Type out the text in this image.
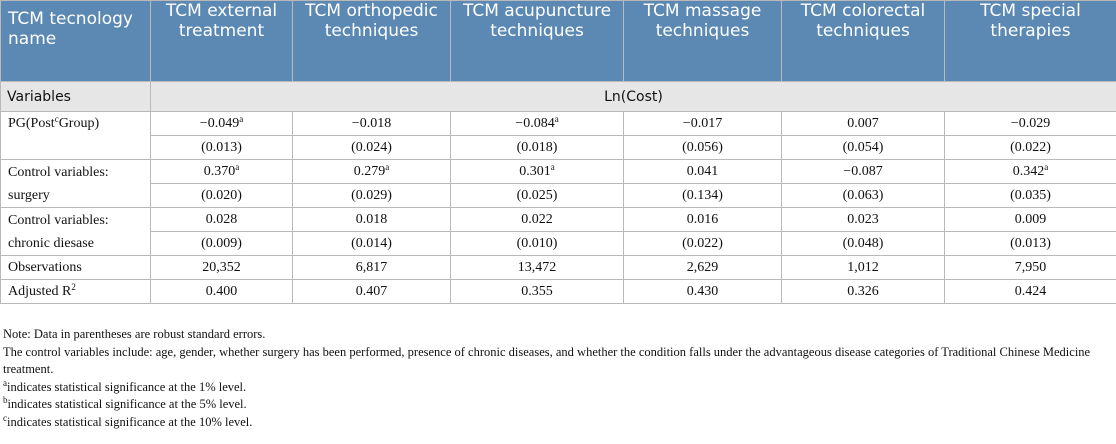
TCM tecnology name	TCM external treatment	TCM orthopedic techniques	TCM acupuncture techniques	TCM massage techniques	TCM colorectal techniques	TCM special therapies
Variables	Ln(Cost)					
PG(Post$^c$Group)	−0.049$^a$	−0.018	−0.084$^a$	−0.017	0.007	−0.029
	(0.013)	(0.024)	(0.018)	(0.056)	(0.054)	(0.022)
Control variables:
surgery	0.370$^a$	0.279$^a$	0.301$^a$	0.041	−0.087	0.342$^a$
	(0.020)	(0.029)	(0.025)	(0.134)	(0.063)	(0.035)
Control variables:
chronic diesase	0.028	0.018	0.022	0.016	0.023	0.009
	(0.009)	(0.014)	(0.010)	(0.022)	(0.048)	(0.013)
Observations	20,352	6,817	13,472	2,629	1,012	7,950
Adjusted $R^2$	0.400	0.407	0.355	0.430	0.326	0.424

Note: Data in parentheses are robust standard errors.

The control variables include: age, gender, whether surgery has been performed, presence of chronic diseases, and whether the condition falls under the advantageous disease categories of Traditional Chinese Medicine treatment.

$^a$indicates statistical significance at the 1% level.

$^b$indicates statistical significance at the 5% level.

$^c$indicates statistical significance at the 10% level.
